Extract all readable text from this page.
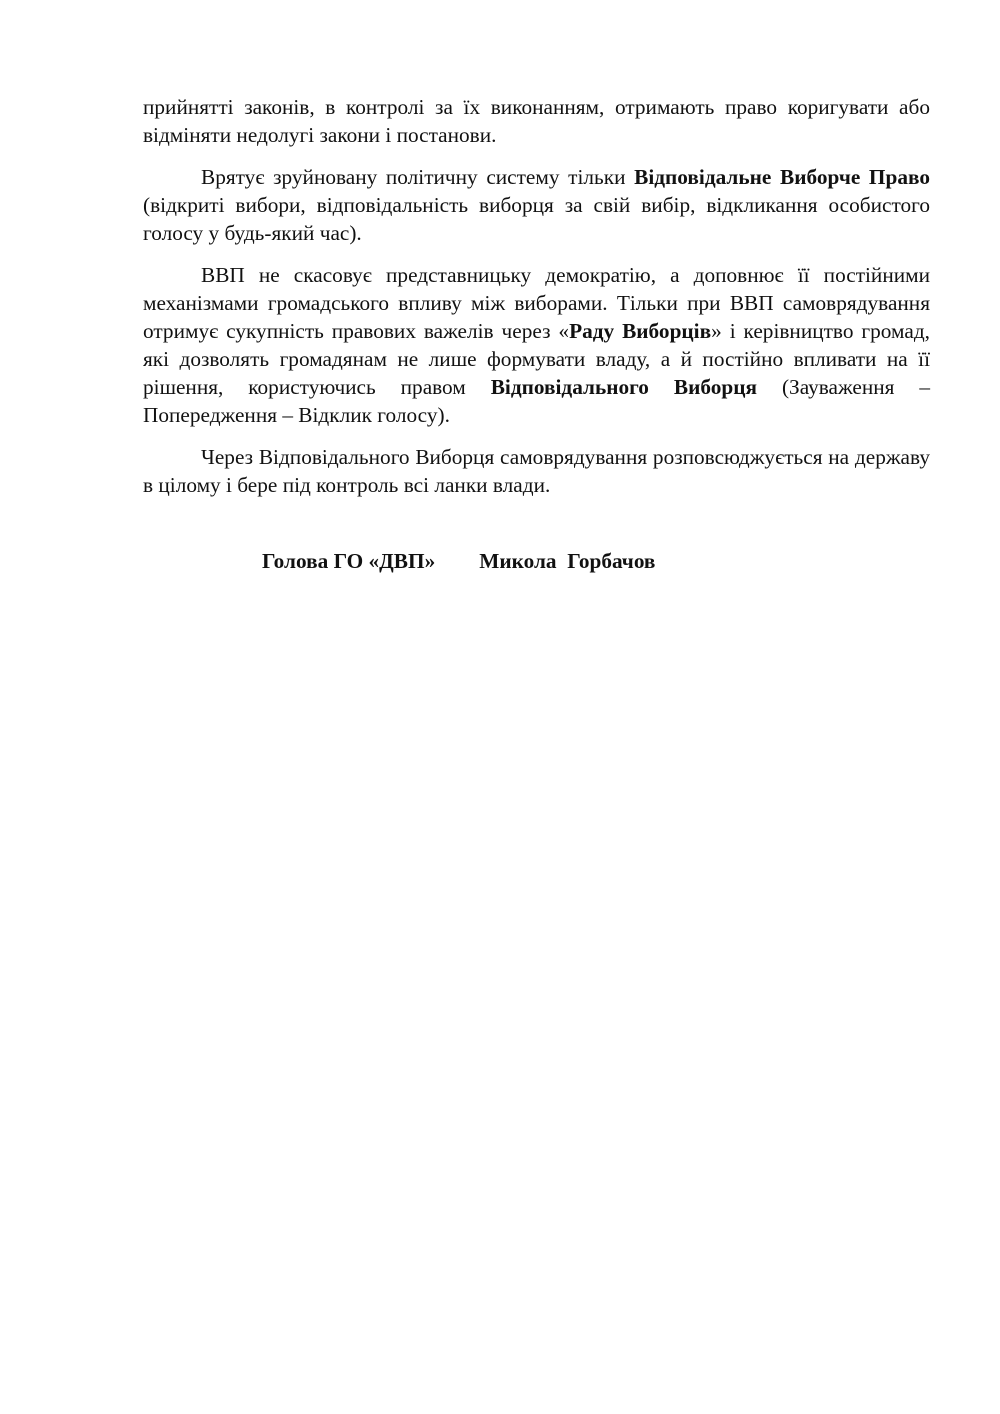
прийнятті законів, в контролі за їх виконанням, отримають право коригувати або відміняти недолугі закони і постанови.

Врятує зруйновану політичну систему тільки Відповідальне Виборче Право (відкриті вибори, відповідальність виборця за свій вибір, відкликання особистого голосу у будь-який час).

ВВП не скасовує представницьку демократію, а доповнює її постійними механізмами громадського впливу між виборами. Тільки при ВВП самоврядування отримує сукупність правових важелів через «Раду Виборців» і керівництво громад, які дозволять громадянам не лише формувати владу, а й постійно впливати на її рішення, користуючись правом Відповідального Виборця (Зауваження – Попередження – Відклик голосу).

Через Відповідального Виборця самоврядування розповсюджується на державу в цілому і бере під контроль всі ланки влади.

Голова ГО «ДВП» Микола  Горбачов
